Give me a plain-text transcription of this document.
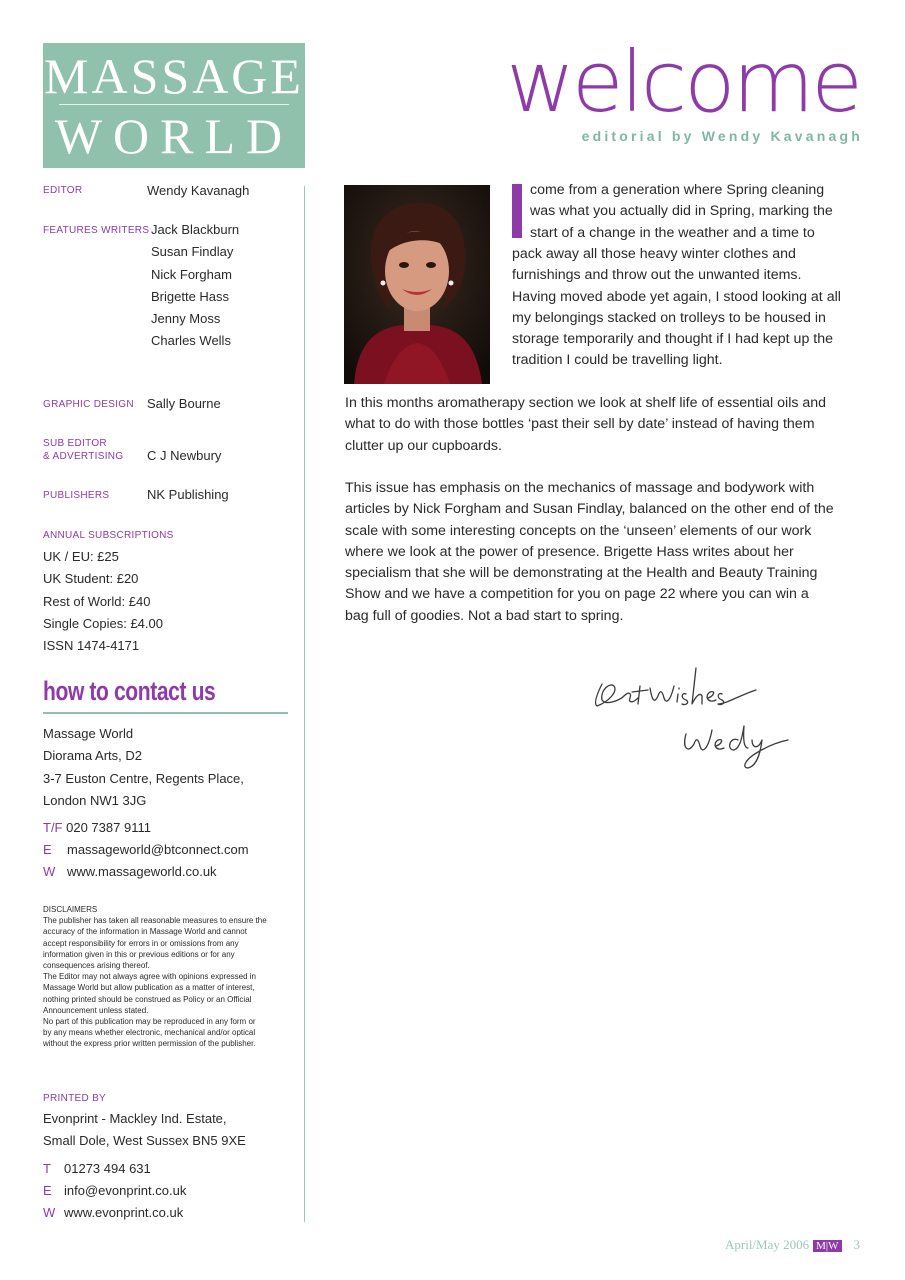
MASSAGE
WORLD
EDITOR	Wendy Kavanagh
FEATURES WRITERS Jack Blackburn
Susan Findlay
Nick Forgham
Brigette Hass
Jenny Moss
Charles Wells
GRAPHIC DESIGN Sally Bourne
SUB EDITOR
& ADVERTISING C J Newbury
PUBLISHERS	NK Publishing
ANNUAL SUBSCRIPTIONS
UK / EU: £25
UK Student: £20
Rest of World: £40
Single Copies: £4.00
ISSN 1474-4171
how to contact us
Massage World
Diorama Arts, D2
3-7 Euston Centre, Regents Place,
London NW1 3JG
T/F 020 7387 9111
E massageworld@btconnect.com
W www.massageworld.co.uk
DISCLAIMERS
The publisher has taken all reasonable measures to ensure the
accuracy of the information in Massage World and cannot
accept responsibility for errors in or omissions from any
information given in this or previous editions or for any
consequences arising thereof.
The Editor may not always agree with opinions expressed in
Massage World but allow publication as a matter of interest,
nothing printed should be construed as Policy or an Official
Announcement unless stated.
No part of this publication may be reproduced in any form or
by any means whether electronic, mechanical and/or optical
without the express prior written permission of the publisher.
PRINTED BY
Evonprint - Mackley Ind. Estate,
Small Dole, West Sussex BN5 9XE
T 01273 494 631
E info@evonprint.co.uk
W www.evonprint.co.uk
welcome
editorial by Wendy Kavanagh
I come from a generation where Spring cleaning
was what you actually did in Spring, marking the
start of a change in the weather and a time to
pack away all those heavy winter clothes and
furnishings and throw out the unwanted items.
Having moved abode yet again, I stood looking at all
my belongings stacked on trolleys to be housed in
storage temporarily and thought if I had kept up the
tradition I could be travelling light.
In this months aromatherapy section we look at shelf life of essential oils and
what to do with those bottles ‘past their sell by date’ instead of having them
clutter up our cupboards.
This issue has emphasis on the mechanics of massage and bodywork with
articles by Nick Forgham and Susan Findlay, balanced on the other end of the
scale with some interesting concepts on the ‘unseen’ elements of our work
where we look at the power of presence. Brigette Hass writes about her
specialism that she will be demonstrating at the Health and Beauty Training
Show and we have a competition for you on page 22 where you can win a
bag full of goodies. Not a bad start to spring.
April/May 2006 M|W 3
